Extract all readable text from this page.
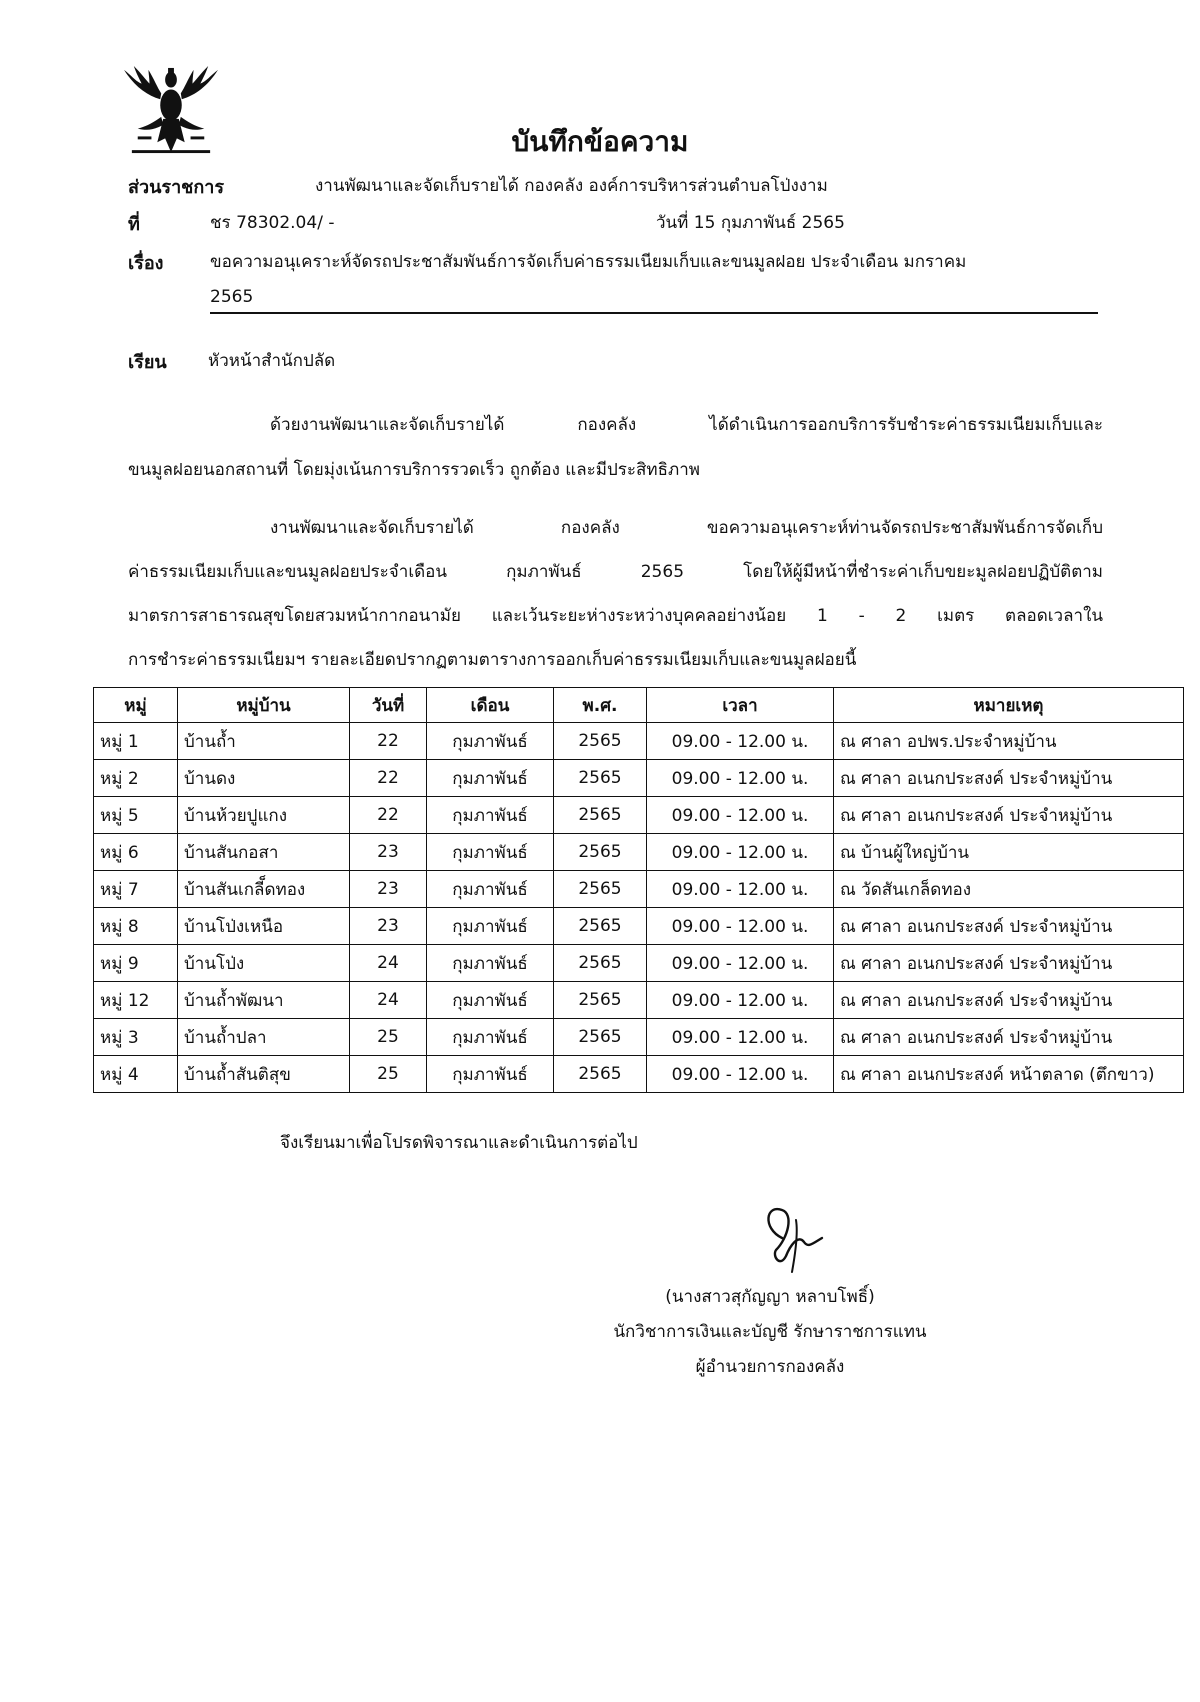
บันทึกข้อความ
ส่วนราชการ	งานพัฒนาและจัดเก็บรายได้ กองคลัง องค์การบริหารส่วนตำบลโป่งงาม
ที่	ชร 78302.04/ -	วันที่ 15 กุมภาพันธ์ 2565
เรื่อง	ขอความอนุเคราะห์จัดรถประชาสัมพันธ์การจัดเก็บค่าธรรมเนียมเก็บและขนมูลฝอย ประจำเดือน มกราคม
2565
เรียน หัวหน้าสำนักปลัด
ด้วยงานพัฒนาและจัดเก็บรายได้ กองคลัง ได้ดำเนินการออกบริการรับชำระค่าธรรมเนียมเก็บและ
ขนมูลฝอยนอกสถานที่ โดยมุ่งเน้นการบริการรวดเร็ว ถูกต้อง และมีประสิทธิภาพ
งานพัฒนาและจัดเก็บรายได้ กองคลัง ขอความอนุเคราะห์ท่านจัดรถประชาสัมพันธ์การจัดเก็บ
ค่าธรรมเนียมเก็บและขนมูลฝอยประจำเดือน กุมภาพันธ์ 2565 โดยให้ผู้มีหน้าที่ชำระค่าเก็บขยะมูลฝอยปฏิบัติตาม
มาตรการสาธารณสุขโดยสวมหน้ากากอนามัย และเว้นระยะห่างระหว่างบุคคลอย่างน้อย 1 - 2 เมตร ตลอดเวลาใน
การชำระค่าธรรมเนียมฯ รายละเอียดปรากฏตามตารางการออกเก็บค่าธรรมเนียมเก็บและขนมูลฝอยนี้
หมู่	หมู่บ้าน	วันที่	เดือน	พ.ศ.	เวลา	หมายเหตุ
หมู่ 1	บ้านถ้ำ	22	กุมภาพันธ์	2565	09.00 - 12.00 น.	ณ ศาลา อปพร.ประจำหมู่บ้าน
หมู่ 2	บ้านดง	22	กุมภาพันธ์	2565	09.00 - 12.00 น.	ณ ศาลา อเนกประสงค์ ประจำหมู่บ้าน
หมู่ 5	บ้านห้วยปูแกง	22	กุมภาพันธ์	2565	09.00 - 12.00 น.	ณ ศาลา อเนกประสงค์ ประจำหมู่บ้าน
หมู่ 6	บ้านสันกอสา	23	กุมภาพันธ์	2565	09.00 - 12.00 น.	ณ บ้านผู้ใหญ่บ้าน
หมู่ 7	บ้านสันเกลี็ดทอง	23	กุมภาพันธ์	2565	09.00 - 12.00 น.	ณ วัดสันเกล็ดทอง
หมู่ 8	บ้านโป่งเหนือ	23	กุมภาพันธ์	2565	09.00 - 12.00 น.	ณ ศาลา อเนกประสงค์ ประจำหมู่บ้าน
หมู่ 9	บ้านโป่ง	24	กุมภาพันธ์	2565	09.00 - 12.00 น.	ณ ศาลา อเนกประสงค์ ประจำหมู่บ้าน
หมู่ 12	บ้านถ้ำพัฒนา	24	กุมภาพันธ์	2565	09.00 - 12.00 น.	ณ ศาลา อเนกประสงค์ ประจำหมู่บ้าน
หมู่ 3	บ้านถ้ำปลา	25	กุมภาพันธ์	2565	09.00 - 12.00 น.	ณ ศาลา อเนกประสงค์ ประจำหมู่บ้าน
หมู่ 4	บ้านถ้ำสันติสุข	25	กุมภาพันธ์	2565	09.00 - 12.00 น.	ณ ศาลา อเนกประสงค์ หน้าตลาด (ตึกขาว)
จึงเรียนมาเพื่อโปรดพิจารณาและดำเนินการต่อไป
(นางสาวสุกัญญา หลาบโพธิ์)
นักวิชาการเงินและบัญชี รักษาราชการแทน
ผู้อำนวยการกองคลัง
